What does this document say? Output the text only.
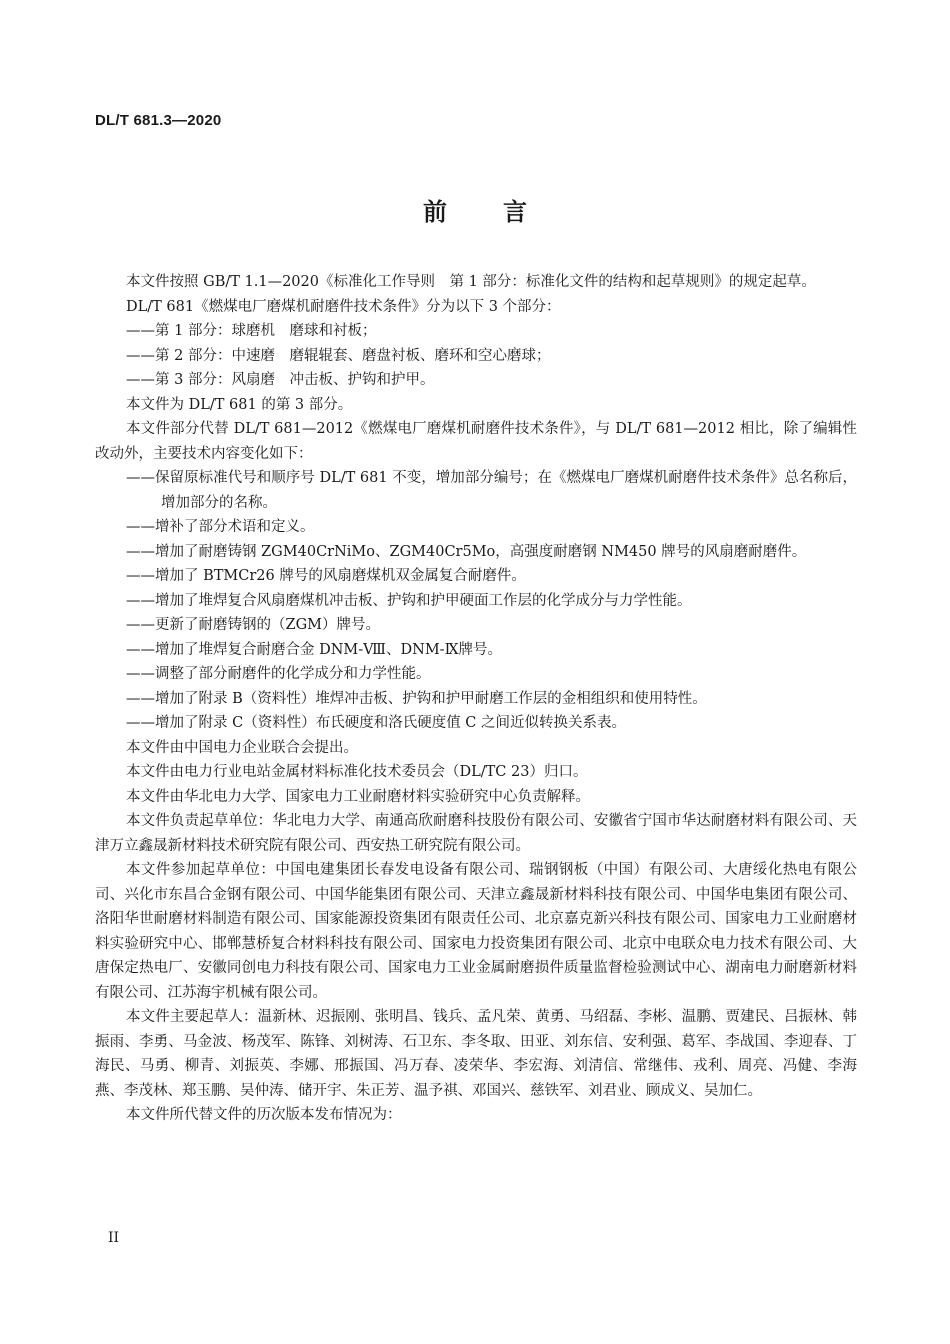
DL/T 681.3—2020
前言

本文件按照 GB/T 1.1—2020《标准化工作导则　第 1 部分：标准化文件的结构和起草规则》的规定起草。

DL/T 681《燃煤电厂磨煤机耐磨件技术条件》分为以下 3 个部分：

——第 1 部分：球磨机　磨球和衬板；

——第 2 部分：中速磨　磨辊辊套、磨盘衬板、磨环和空心磨球；

——第 3 部分：风扇磨　冲击板、护钩和护甲。

本文件为 DL/T 681 的第 3 部分。

本文件部分代替 DL/T 681—2012《燃煤电厂磨煤机耐磨件技术条件》，与 DL/T 681—2012 相比，除了编辑性改动外，主要技术内容变化如下：

——保留原标准代号和顺序号 DL/T 681 不变，增加部分编号；在《燃煤电厂磨煤机耐磨件技术条件》总名称后，增加部分的名称。

——增补了部分术语和定义。

——增加了耐磨铸钢 ZGM40CrNiMo、ZGM40Cr5Mo，高强度耐磨钢 NM450 牌号的风扇磨耐磨件。

——增加了 BTMCr26 牌号的风扇磨煤机双金属复合耐磨件。

——增加了堆焊复合风扇磨煤机冲击板、护钩和护甲硬面工作层的化学成分与力学性能。

——更新了耐磨铸钢的（ZGM）牌号。

——增加了堆焊复合耐磨合金 DNM-Ⅷ、DNM-Ⅸ牌号。

——调整了部分耐磨件的化学成分和力学性能。

——增加了附录 B（资料性）堆焊冲击板、护钩和护甲耐磨工作层的金相组织和使用特性。

——增加了附录 C（资料性）布氏硬度和洛氏硬度值 C 之间近似转换关系表。

本文件由中国电力企业联合会提出。

本文件由电力行业电站金属材料标准化技术委员会（DL/TC 23）归口。

本文件由华北电力大学、国家电力工业耐磨材料实验研究中心负责解释。

本文件负责起草单位：华北电力大学、南通高欣耐磨科技股份有限公司、安徽省宁国市华达耐磨材料有限公司、天津万立鑫晟新材料技术研究院有限公司、西安热工研究院有限公司。

本文件参加起草单位：中国电建集团长春发电设备有限公司、瑞钢钢板（中国）有限公司、大唐绥化热电有限公司、兴化市东昌合金钢有限公司、中国华能集团有限公司、天津立鑫晟新材料科技有限公司、中国华电集团有限公司、洛阳华世耐磨材料制造有限公司、国家能源投资集团有限责任公司、北京嘉克新兴科技有限公司、国家电力工业耐磨材料实验研究中心、邯郸慧桥复合材料科技有限公司、国家电力投资集团有限公司、北京中电联众电力技术有限公司、大唐保定热电厂、安徽同创电力科技有限公司、国家电力工业金属耐磨损件质量监督检验测试中心、湖南电力耐磨新材料有限公司、江苏海宇机械有限公司。

本文件主要起草人：温新林、迟振刚、张明昌、钱兵、孟凡荣、黄勇、马绍磊、李彬、温鹏、贾建民、吕振林、韩振雨、李勇、马金波、杨茂军、陈锋、刘树涛、石卫东、李冬取、田亚、刘东信、安利强、葛军、李战国、李迎春、丁海民、马勇、柳青、刘振英、李娜、邢振国、冯万春、凌荣华、李宏海、刘清信、常继伟、戎利、周亮、冯健、李海燕、李茂林、郑玉鹏、吴仲涛、储开宇、朱正芳、温予祺、邓国兴、慈铁军、刘君业、顾成义、吴加仁。

本文件所代替文件的历次版本发布情况为：

II
